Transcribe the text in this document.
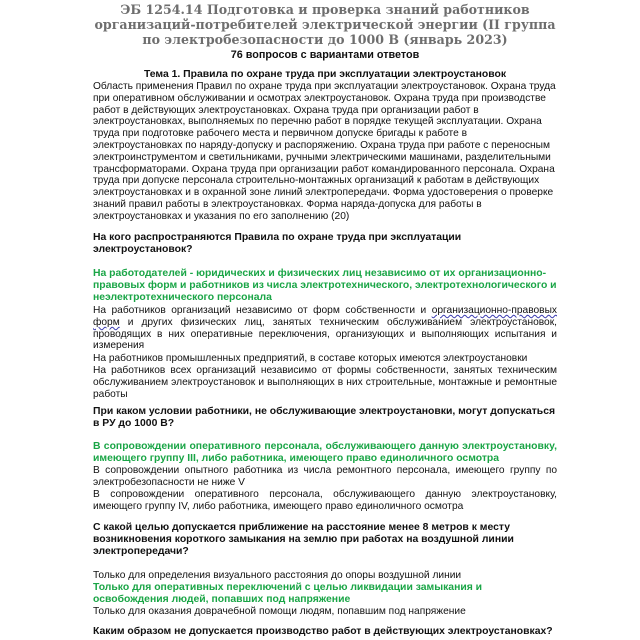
ЭБ 1254.14 Подготовка и проверка знаний работников организаций-потребителей электрической энергии (II группа по электробезопасности до 1000 В (январь 2023)
76 вопросов с вариантами ответов
Тема 1. Правила по охране труда при эксплуатации электроустановок
Область применения Правил по охране труда при эксплуатации электроустановок. Охрана труда при оперативном обслуживании и осмотрах электроустановок. Охрана труда при производстве работ в действующих электроустановках. Охрана труда при организации работ в электроустановках, выполняемых по перечню работ в порядке текущей эксплуатации. Охрана труда при подготовке рабочего места и первичном допуске бригады к работе в электроустановках по наряду-допуску и распоряжению. Охрана труда при работе с переносным электроинструментом и светильниками, ручными электрическими машинами, разделительными трансформаторами. Охрана труда при организации работ командированного персонала. Охрана труда при допуске персонала строительно-монтажных организаций к работам в действующих электроустановках и в охранной зоне линий электропередачи. Форма удостоверения о проверке знаний правил работы в электроустановках. Форма наряда-допуска для работы в электроустановках и указания по его заполнению (20)
На кого распространяются Правила по охране труда при эксплуатации электроустановок?
На работодателей - юридических и физических лиц независимо от их организационно-правовых форм и работников из числа электротехнического, электротехнологического и неэлектротехнического персонала
На работников организаций независимо от форм собственности и организационно-правовых форм и других физических лиц, занятых техническим обслуживанием электроустановок, проводящих в них оперативные переключения, организующих и выполняющих испытания и измерения
На работников промышленных предприятий, в составе которых имеются электроустановки
На работников всех организаций независимо от формы собственности, занятых техническим обслуживанием электроустановок и выполняющих в них строительные, монтажные и ремонтные работы
При каком условии работники, не обслуживающие электроустановки, могут допускаться в РУ до 1000 В?
В сопровождении оперативного персонала, обслуживающего данную электроустановку, имеющего группу III, либо работника, имеющего право единоличного осмотра
В сопровождении опытного работника из числа ремонтного персонала, имеющего группу по электробезопасности не ниже V
В сопровождении оперативного персонала, обслуживающего данную электроустановку, имеющего группу IV, либо работника, имеющего право единоличного осмотра
С какой целью допускается приближение на расстояние менее 8 метров к месту возникновения короткого замыкания на землю при работах на воздушной линии электропередачи?
Только для определения визуального расстояния до опоры воздушной линии
Только для оперативных переключений с целью ликвидации замыкания и освобождения людей, попавших под напряжение
Только для оказания доврачебной помощи людям, попавшим под напряжение
Каким образом не допускается производство работ в действующих электроустановках?
